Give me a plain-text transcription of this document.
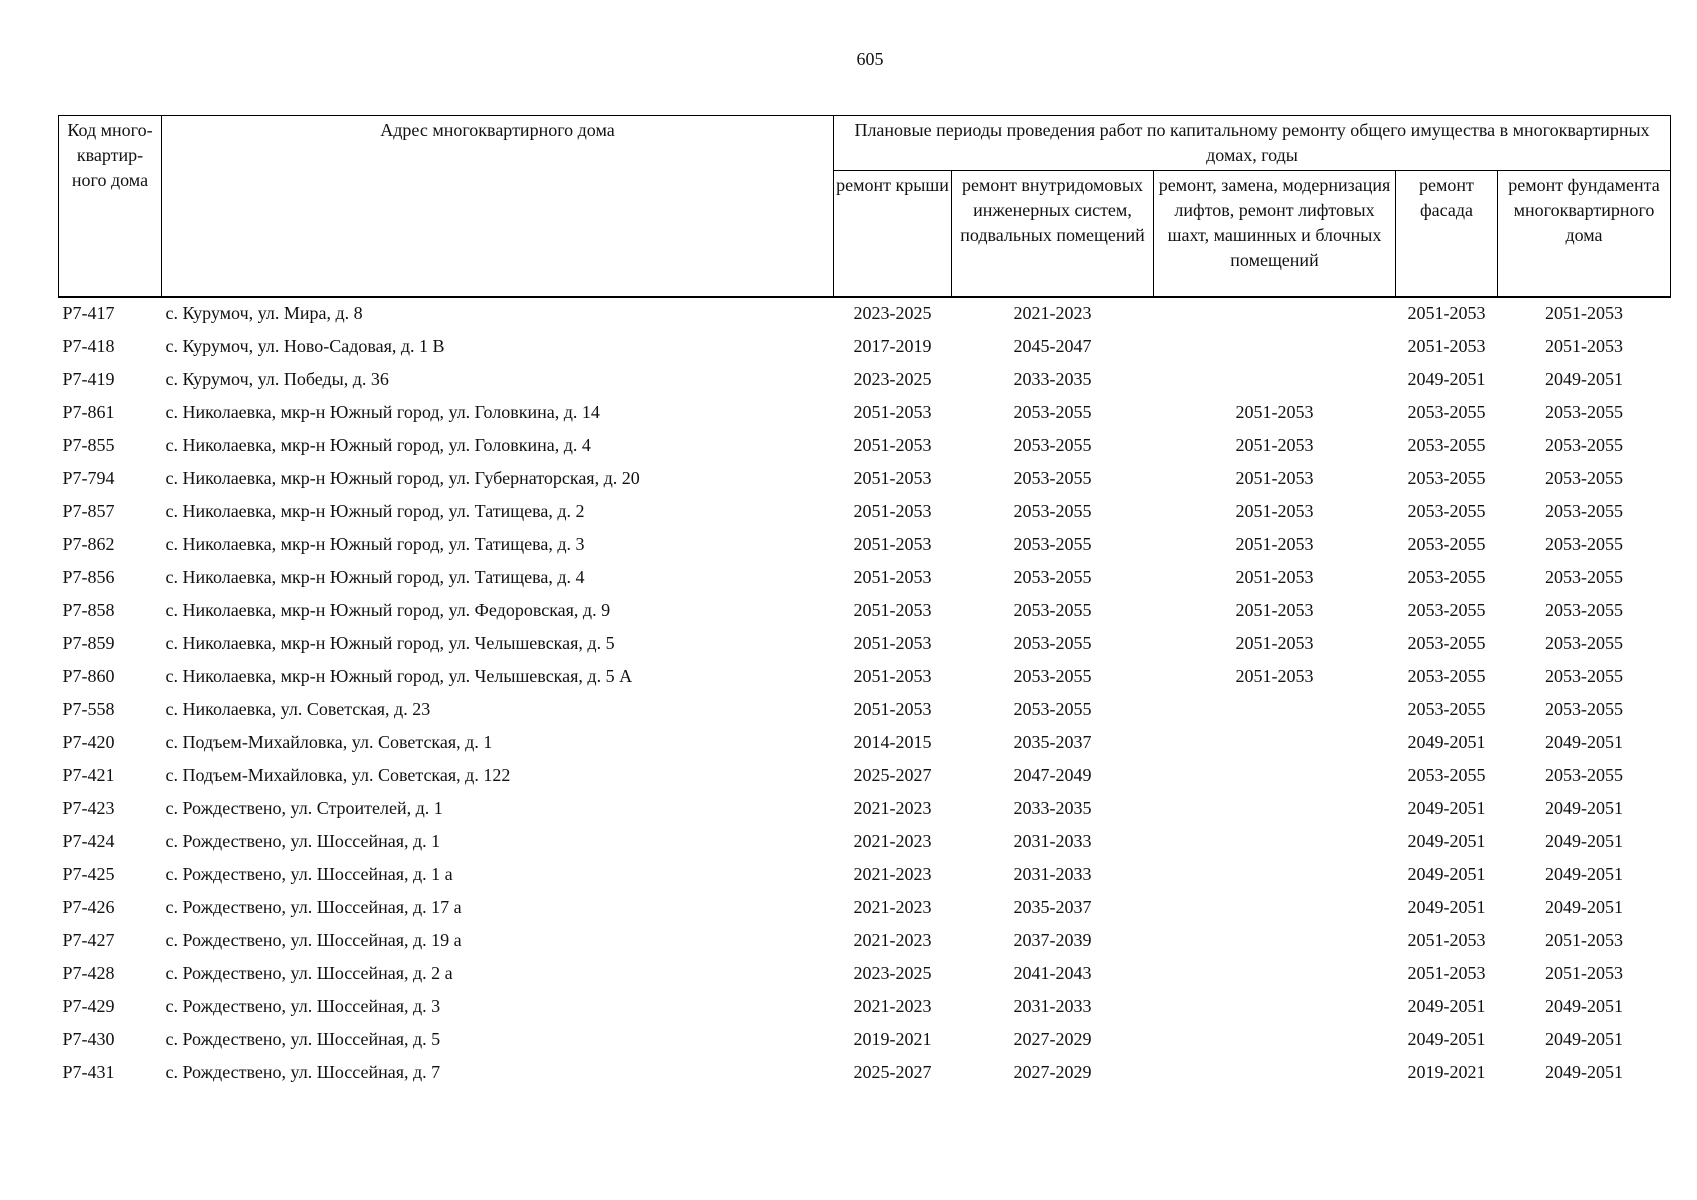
605
Код много-квартир-ного дома	Адрес многоквартирного дома	Плановые периоды проведения работ по капитальному ремонту общего имущества в многоквартирных домах, годы				

		ремонт крыши	ремонт внутридомовых инженерных систем, подвальных помещений	ремонт, замена, модернизация лифтов, ремонт лифтовых шахт, машинных и блочных помещений	ремонт фасада	ремонт фундамента многоквартирного дома
Р7-417	с. Курумоч, ул. Мира, д. 8	2023-2025	2021-2023		2051-2053	2051-2053
Р7-418	с. Курумоч, ул. Ново-Садовая, д. 1 В	2017-2019	2045-2047		2051-2053	2051-2053
Р7-419	с. Курумоч, ул. Победы, д. 36	2023-2025	2033-2035		2049-2051	2049-2051
Р7-861	с. Николаевка, мкр-н Южный город, ул. Головкина, д. 14	2051-2053	2053-2055	2051-2053	2053-2055	2053-2055
Р7-855	с. Николаевка, мкр-н Южный город, ул. Головкина, д. 4	2051-2053	2053-2055	2051-2053	2053-2055	2053-2055
Р7-794	с. Николаевка, мкр-н Южный город, ул. Губернаторская, д. 20	2051-2053	2053-2055	2051-2053	2053-2055	2053-2055
Р7-857	с. Николаевка, мкр-н Южный город, ул. Татищева, д. 2	2051-2053	2053-2055	2051-2053	2053-2055	2053-2055
Р7-862	с. Николаевка, мкр-н Южный город, ул. Татищева, д. 3	2051-2053	2053-2055	2051-2053	2053-2055	2053-2055
Р7-856	с. Николаевка, мкр-н Южный город, ул. Татищева, д. 4	2051-2053	2053-2055	2051-2053	2053-2055	2053-2055
Р7-858	с. Николаевка, мкр-н Южный город, ул. Федоровская, д. 9	2051-2053	2053-2055	2051-2053	2053-2055	2053-2055
Р7-859	с. Николаевка, мкр-н Южный город, ул. Челышевская, д. 5	2051-2053	2053-2055	2051-2053	2053-2055	2053-2055
Р7-860	с. Николаевка, мкр-н Южный город, ул. Челышевская, д. 5 А	2051-2053	2053-2055	2051-2053	2053-2055	2053-2055
Р7-558	с. Николаевка, ул. Советская, д. 23	2051-2053	2053-2055		2053-2055	2053-2055
Р7-420	с. Подъем-Михайловка, ул. Советская, д. 1	2014-2015	2035-2037		2049-2051	2049-2051
Р7-421	с. Подъем-Михайловка, ул. Советская, д. 122	2025-2027	2047-2049		2053-2055	2053-2055
Р7-423	с. Рождествено, ул. Строителей, д. 1	2021-2023	2033-2035		2049-2051	2049-2051
Р7-424	с. Рождествено, ул. Шоссейная, д. 1	2021-2023	2031-2033		2049-2051	2049-2051
Р7-425	с. Рождествено, ул. Шоссейная, д. 1 а	2021-2023	2031-2033		2049-2051	2049-2051
Р7-426	с. Рождествено, ул. Шоссейная, д. 17 а	2021-2023	2035-2037		2049-2051	2049-2051
Р7-427	с. Рождествено, ул. Шоссейная, д. 19 а	2021-2023	2037-2039		2051-2053	2051-2053
Р7-428	с. Рождествено, ул. Шоссейная, д. 2 а	2023-2025	2041-2043		2051-2053	2051-2053
Р7-429	с. Рождествено, ул. Шоссейная, д. 3	2021-2023	2031-2033		2049-2051	2049-2051
Р7-430	с. Рождествено, ул. Шоссейная, д. 5	2019-2021	2027-2029		2049-2051	2049-2051
Р7-431	с. Рождествено, ул. Шоссейная, д. 7	2025-2027	2027-2029		2019-2021	2049-2051
